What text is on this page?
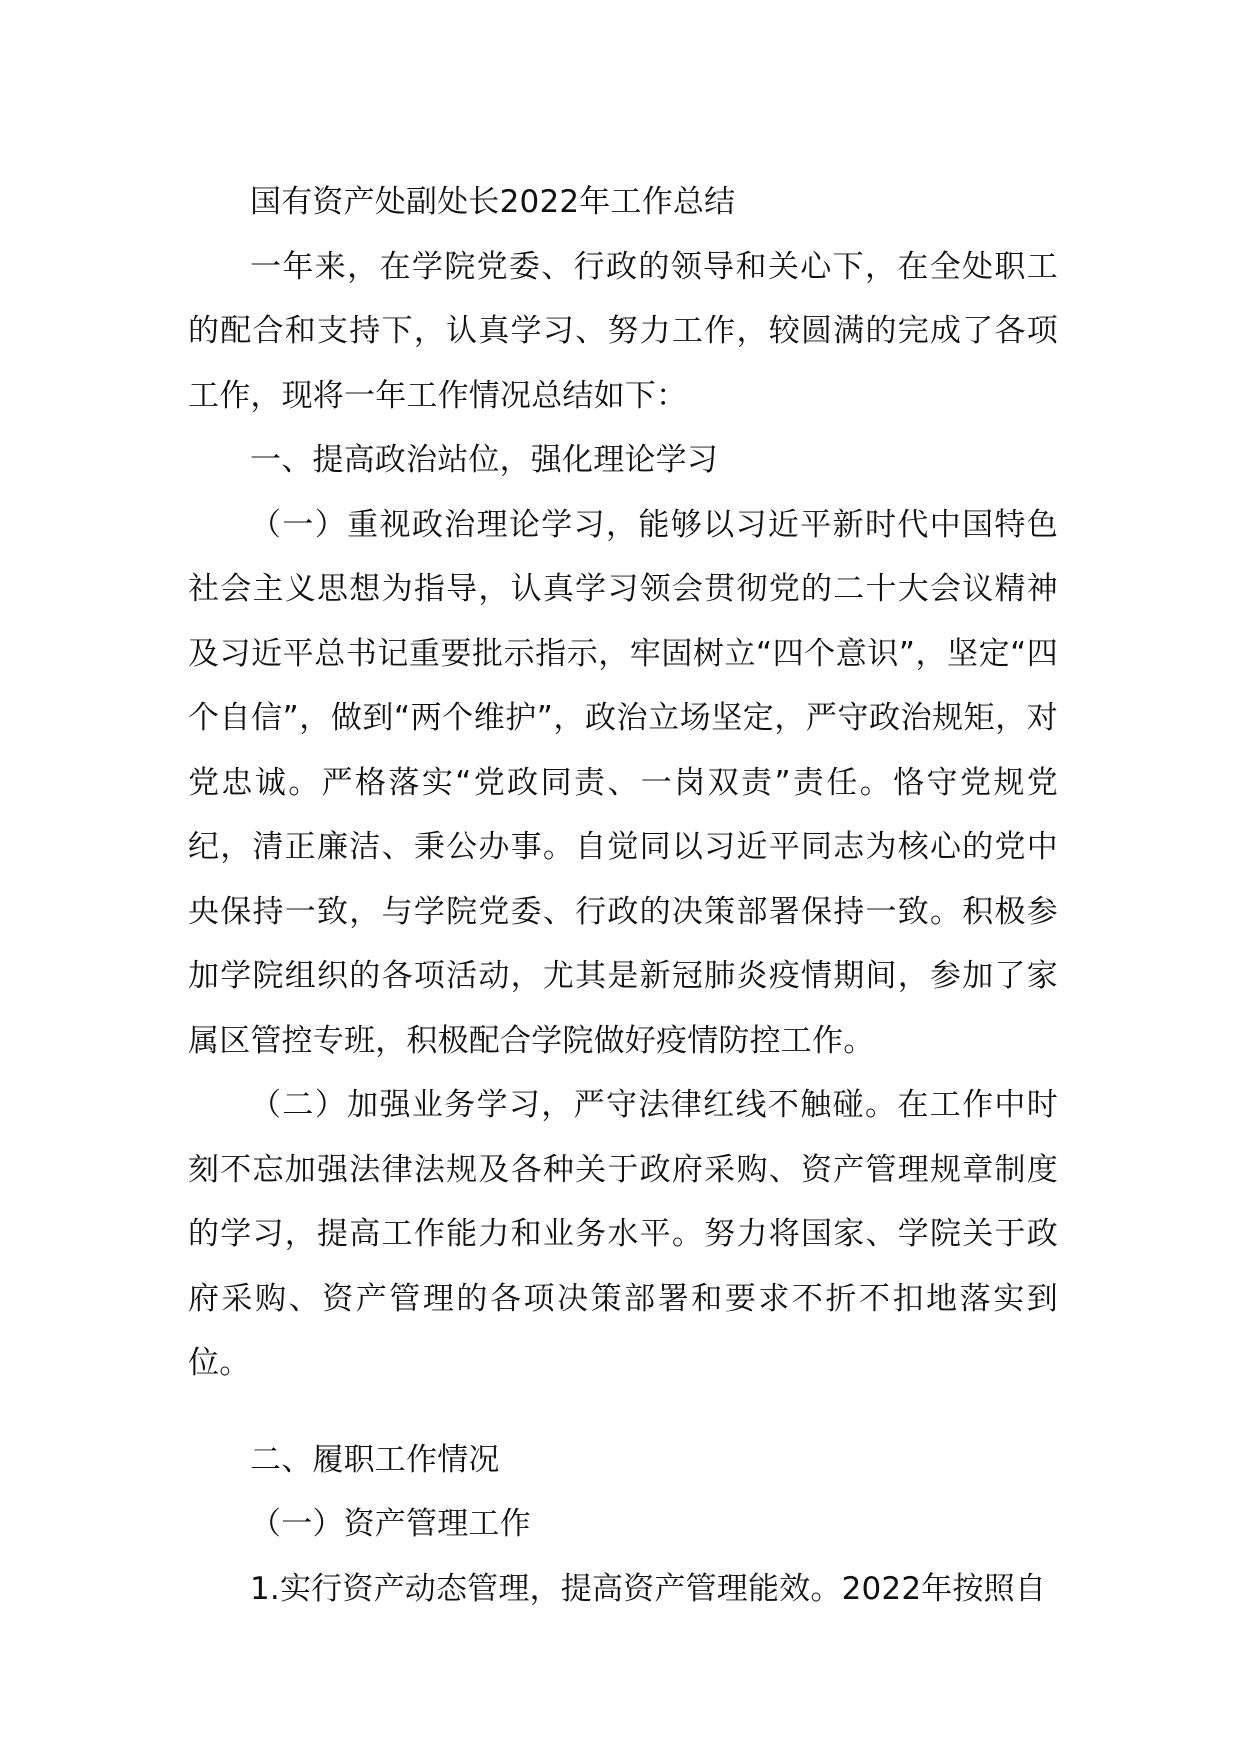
国有资产处副处长2022年工作总结

一年来，在学院党委、行政的领导和关心下，在全处职工的配合和支持下，认真学习、努力工作，较圆满的完成了各项工作，现将一年工作情况总结如下：

一、提高政治站位，强化理论学习

（一）重视政治理论学习，能够以习近平新时代中国特色社会主义思想为指导，认真学习领会贯彻党的二十大会议精神及习近平总书记重要批示指示，牢固树立“四个意识”，坚定“四个自信”，做到“两个维护”，政治立场坚定，严守政治规矩，对党忠诚。严格落实“党政同责、一岗双责”责任。恪守党规党纪，清正廉洁、秉公办事。自觉同以习近平同志为核心的党中央保持一致，与学院党委、行政的决策部署保持一致。积极参加学院组织的各项活动，尤其是新冠肺炎疫情期间，参加了家属区管控专班，积极配合学院做好疫情防控工作。

（二）加强业务学习，严守法律红线不触碰。在工作中时刻不忘加强法律法规及各种关于政府采购、资产管理规章制度的学习，提高工作能力和业务水平。努力将国家、学院关于政府采购、资产管理的各项决策部署和要求不折不扣地落实到位。

二、履职工作情况

（一）资产管理工作

1.实行资产动态管理，提高资产管理能效。2022年按照自
